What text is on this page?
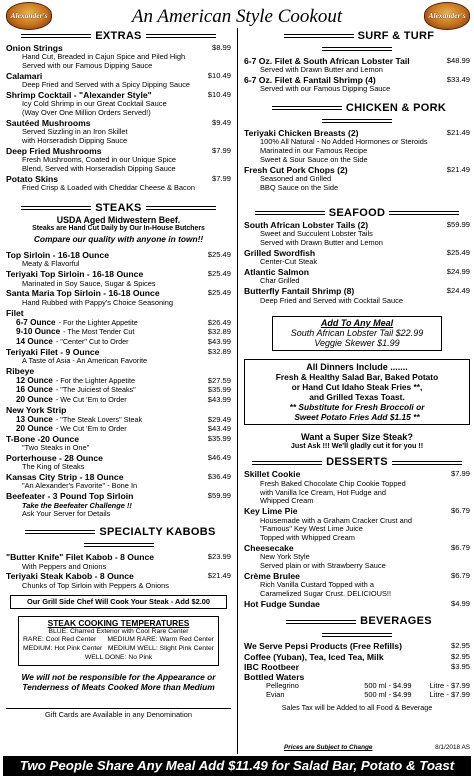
Alexander's	Alexander's
An American Style Cookout
EXTRAS
Onion Strings	$8.99
Hand Cut, Breaded in Cajun Spice and Piled High
Served with our Famous Dipping Sauce
Calamari	$10.49
Deep Fried and Served with a Spicy Dipping Sauce
Shrimp Cocktail - "Alexander Style"	$10.49
Icy Cold Shrimp in our Great Cocktail Sauce
(Way Over One Million Orders Served!)
Sautéed Mushrooms	$9.49
Served Sizzling in an Iron Skillet
with Horseradish Dipping Sauce
Deep Fried Mushrooms	$7.99
Fresh Mushrooms, Coated in our Unique Spice
Blend, Served with Horseradish Dipping Sauce
Potato Skins	$7.99
Fried Crisp & Loaded with Cheddar Cheese & Bacon
STEAKS
USDA Aged Midwestern Beef.
Steaks are Hand Cut Daily by Our In-House Butchers
Compare our quality with anyone in town!!
Top Sirloin - 16-18 Ounce	$25.49
Meaty & Flavorful
Teriyaki Top Sirloin - 16-18 Ounce	$25.49
Marinated in Soy Sauce, Sugar & Spices
Santa Maria Top Sirloin - 16-18 Ounce	$25.49
Hand Rubbed with Pappy's Choice Seasoning
Filet
6-7 Ounce - For the Lighter Appetite	$26.49
9-10 Ounce - The Most Tender Cut	$32.89
14 Ounce - "Center" Cut to Order	$43.99
Teriyaki Filet - 9 Ounce	$32.89
A Taste of Asia - An American Favorite
Ribeye
12 Ounce - For the Lighter Appetite	$27.59
16 Ounce - "The Juiciest of Steaks"	$35.99
20 Ounce - We Cut 'Em to Order	$43.99
New York Strip
13 Ounce - "The Steak Lovers" Steak	$29.49
20 Ounce - We Cut 'Em to Order	$43.49
T-Bone -20 Ounce	$35.99
"Two Steaks in One"
Porterhouse - 28 Ounce	$46.49
The King of Steaks
Kansas City Strip - 18 Ounce	$36.49
"An Alexander's Favorite" - Bone In
Beefeater - 3 Pound Top Sirloin	$59.99
Take the Beefeater Challenge !!
Ask Your Server for Details
SPECIALTY KABOBS
"Butter Knife" Filet Kabob - 8 Ounce	$23.99
With Peppers and Onions
Teriyaki Steak Kabob - 8 Ounce	$21.49
Chunks of Top Sirloin with Peppers & Onions
Our Grill Side Chef Will Cook Your Steak - Add $2.00
STEAK COOKING TEMPERATURES
BLUE: Charred Exterior with Cool Rare Center
RARE: Cool Red Center MEDIUM RARE: Warm Red Center
MEDIUM: Hot Pink Center MEDIUM WELL: Slight Pink Center
WELL DONE: No Pink
We will not be responsible for the Appearance or
Tenderness of Meats Cooked More than Medium
Gift Cards are Available in any Denomination
SURF & TURF
6-7 Oz. Filet & South African Lobster Tail	$48.99
Served with Drawn Butter and Lemon
6-7 Oz. Filet & Fantail Shrimp (4)	$33.49
Served with our Famous Dipping Sauce
CHICKEN & PORK
Teriyaki Chicken Breasts (2)	$21.49
100% All Natural - No Added Hormones or Steroids
Marinated in our Famous Recipe
Sweet & Sour Sauce on the Side
Fresh Cut Pork Chops (2)	$21.49
Seasoned and Grilled
BBQ Sauce on the Side
SEAFOOD
South African Lobster Tails (2)	$59.99
Sweet and Succulent Lobster Tails
Served with Drawn Butter and Lemon
Grilled Swordfish	$25.49
Center-Cut Steak
Atlantic Salmon	$24.99
Char Grilled
Butterfly Fantail Shrimp (8)	$24.49
Deep Fried and Served with Cocktail Sauce
Add To Any Meal
South African Lobster Tail $22.99
Veggie Skewer $1.99
All Dinners Include .......
Fresh & Healthy Salad Bar, Baked Potato
or Hand Cut Idaho Steak Fries **,
and Grilled Texas Toast.
** Substitute for Fresh Broccoli or
Sweet Potato Fries Add $1.15 **
Want a Super Size Steak?
Just Ask !!! We'll gladly cut it for you !!
DESSERTS
Skillet Cookie	$7.99
Fresh Baked Chocolate Chip Cookie Topped
with Vanilla Ice Cream, Hot Fudge and
Whipped Cream
Key Lime Pie	$6.79
Housemade with a Graham Cracker Crust and
"Famous" Key West Lime Juice
Topped with Whipped Cream
Cheesecake	$6.79
New York Style
Served plain or with Strawberry Sauce
Crème Brulee	$6.79
Rich Vanilla Custard Topped with a
Caramelized Sugar Crust. DELICIOUS!!
Hot Fudge Sundae	$4.99
BEVERAGES
We Serve Pepsi Products (Free Refills)	$2.95
Coffee (Yuban), Tea, Iced Tea, Milk	$2.95
IBC Rootbeer	$3.95
Bottled Waters
Pellegrino	500 ml - $4.99 Litre - $7.99
Evian	500 ml - $4.99 Litre - $7.99
Sales Tax will be Added to all Food & Beverage
Prices are Subject to Change	8/1/2018 AS
Two People Share Any Meal Add $11.49 for Salad Bar, Potato & Toast
